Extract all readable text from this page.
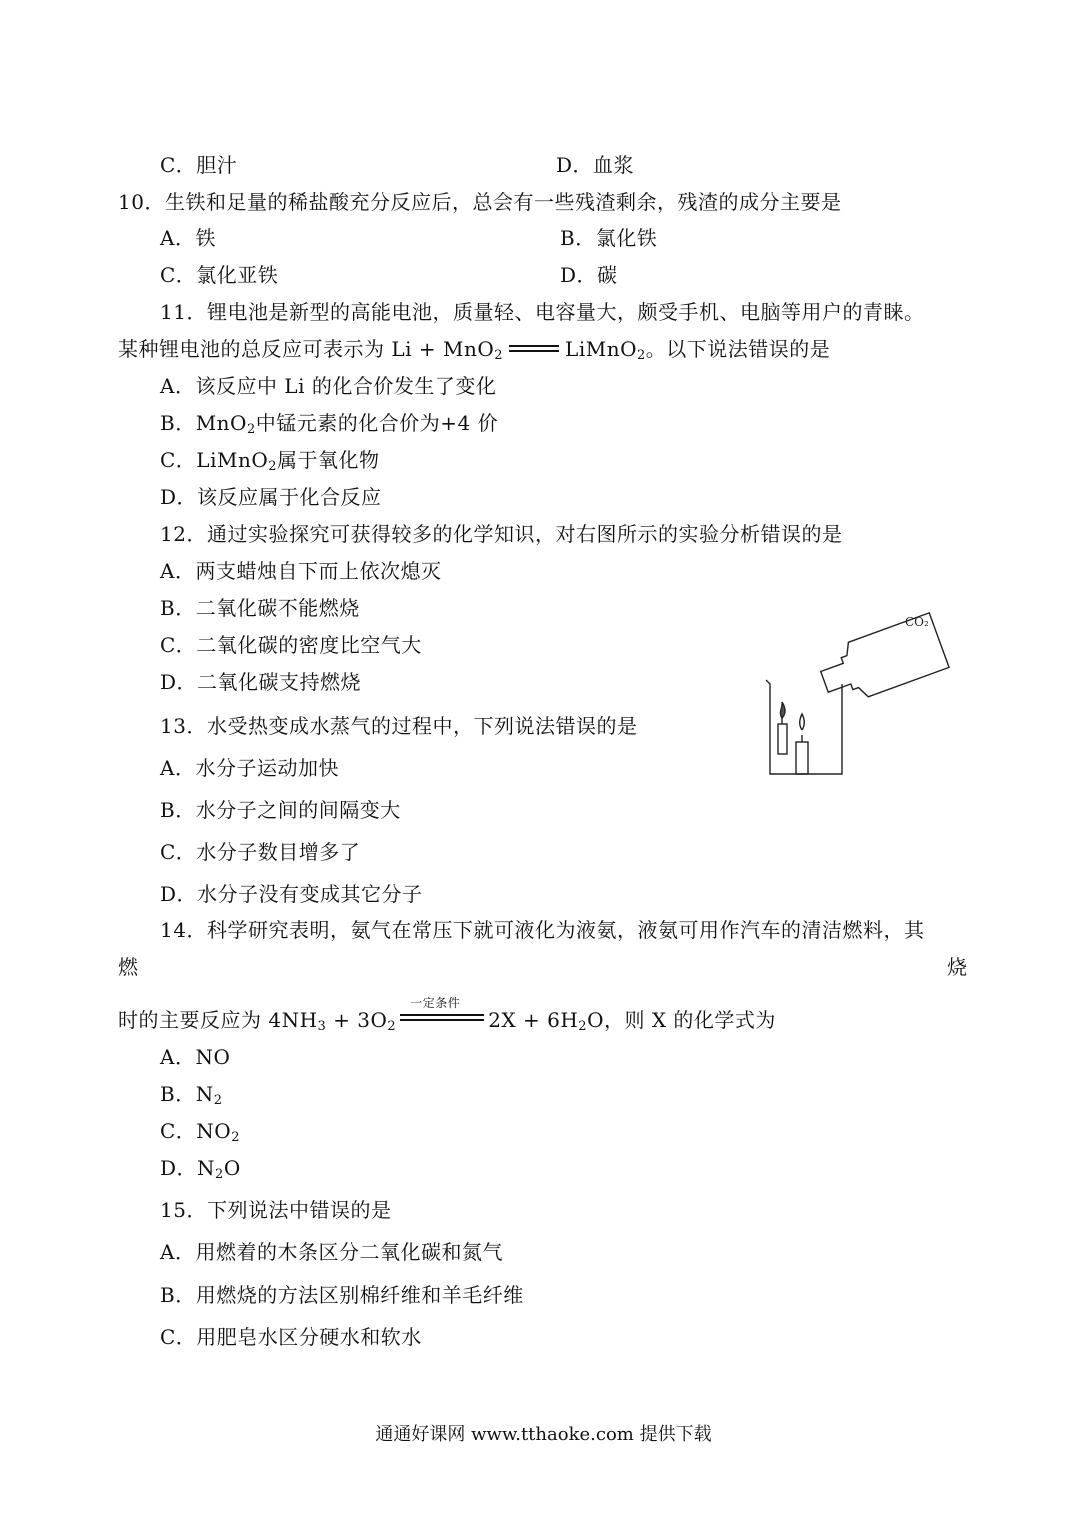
C．胆汁	D．血浆
10．生铁和足量的稀盐酸充分反应后，总会有一些残渣剩余，残渣的成分主要是
A．铁	B．氯化铁
C．氯化亚铁	D．碳
11．锂电池是新型的高能电池，质量轻、电容量大，颇受手机、电脑等用户的青睐。
某种锂电池的总反应可表示为 Li + MnO$_2$	LiMnO$_2$。以下说法错误的是
A．该反应中 Li 的化合价发生了变化
B．MnO$_2$中锰元素的化合价为+4 价
C．LiMnO$_2$属于氧化物
D．该反应属于化合反应
12．通过实验探究可获得较多的化学知识，对右图所示的实验分析错误的是
A．两支蜡烛自下而上依次熄灭
B．二氧化碳不能燃烧
C．二氧化碳的密度比空气大
D．二氧化碳支持燃烧
CO₂
13．水受热变成水蒸气的过程中，下列说法错误的是
A．水分子运动加快
B．水分子之间的间隔变大
C．水分子数目增多了
D．水分子没有变成其它分子
14．科学研究表明，氨气在常压下就可液化为液氨，液氨可用作汽车的清洁燃料，其
燃	烧
时的主要反应为 $4NH_3 + 3O_2$
一定条件
$2X + 6H_2O$，则 X 的化学式为
A．NO
B．$N_2$
C．$NO_2$
D．$N_2O$
15．下列说法中错误的是
A．用燃着的木条区分二氧化碳和氮气
B．用燃烧的方法区别棉纤维和羊毛纤维
C．用肥皂水区分硬水和软水
通通好课网 www.tthaoke.com 提供下载
